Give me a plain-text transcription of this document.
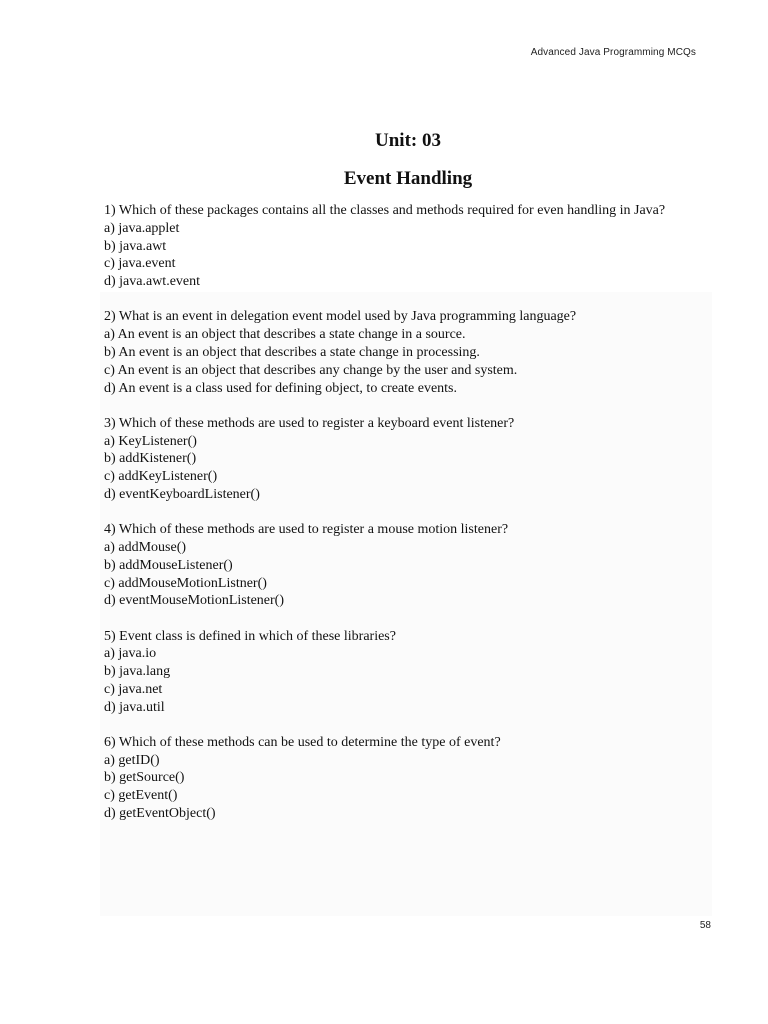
Advanced Java Programming MCQs
Unit: 03
Event Handling
1) Which of these packages contains all the classes and methods required for even handling in Java?
a) java.applet
b) java.awt
c) java.event
d) java.awt.event
2) What is an event in delegation event model used by Java programming language?
a) An event is an object that describes a state change in a source.
b) An event is an object that describes a state change in processing.
c) An event is an object that describes any change by the user and system.
d) An event is a class used for defining object, to create events.
3) Which of these methods are used to register a keyboard event listener?
a) KeyListener()
b) addKistener()
c) addKeyListener()
d) eventKeyboardListener()
4) Which of these methods are used to register a mouse motion listener?
a) addMouse()
b) addMouseListener()
c) addMouseMotionListner()
d) eventMouseMotionListener()
5) Event class is defined in which of these libraries?
a) java.io
b) java.lang
c) java.net
d) java.util
6) Which of these methods can be used to determine the type of event?
a) getID()
b) getSource()
c) getEvent()
d) getEventObject()
58
